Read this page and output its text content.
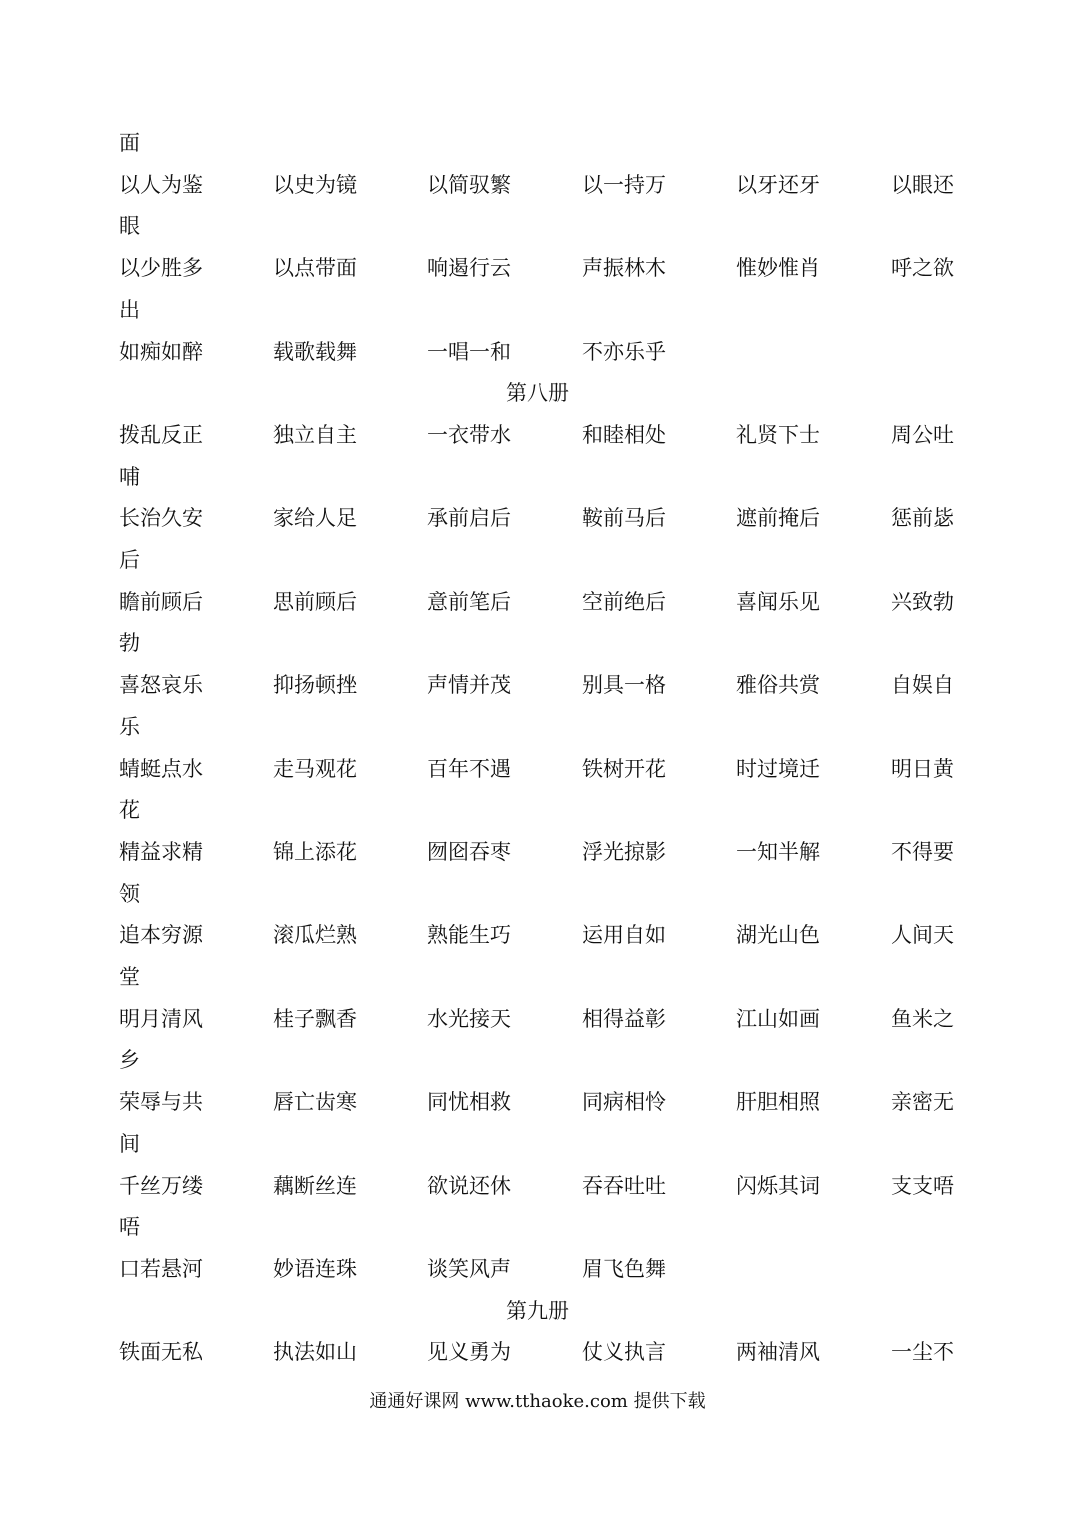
面
以人为鉴	以史为镜	以简驭繁	以一持万	以牙还牙	以眼还
眼
以少胜多	以点带面	响遏行云	声振林木	惟妙惟肖	呼之欲
出
如痴如醉	载歌载舞	一唱一和	不亦乐乎
第八册
拨乱反正	独立自主	一衣带水	和睦相处	礼贤下士	周公吐
哺
长治久安	家给人足	承前启后	鞍前马后	遮前掩后	惩前毖
后
瞻前顾后	思前顾后	意前笔后	空前绝后	喜闻乐见	兴致勃
勃
喜怒哀乐	抑扬顿挫	声情并茂	别具一格	雅俗共赏	自娱自
乐
蜻蜓点水	走马观花	百年不遇	铁树开花	时过境迁	明日黄
花
精益求精	锦上添花	囫囵吞枣	浮光掠影	一知半解	不得要
领
追本穷源	滚瓜烂熟	熟能生巧	运用自如	湖光山色	人间天
堂
明月清风	桂子飘香	水光接天	相得益彰	江山如画	鱼米之
乡
荣辱与共	唇亡齿寒	同忧相救	同病相怜	肝胆相照	亲密无
间
千丝万缕	藕断丝连	欲说还休	吞吞吐吐	闪烁其词	支支唔
唔
口若悬河	妙语连珠	谈笑风声	眉飞色舞
第九册
铁面无私	执法如山	见义勇为	仗义执言	两袖清风	一尘不
通通好课网 www.tthaoke.com 提供下载
